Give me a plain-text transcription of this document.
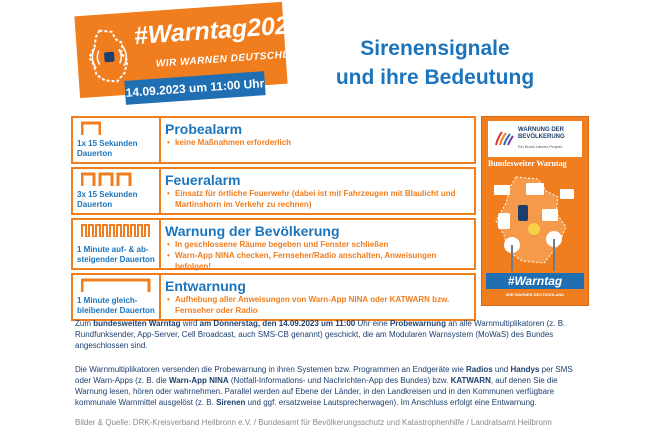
#Warntag2023
WIR WARNEN DEUTSCHLAND
14.09.2023 um 11:00 Uhr
Sirenensignale
und ihre Bedeutung
1x 15 Sekunden Dauerton
Probealarm
• keine Maßnahmen erforderlich
3x 15 Sekunden Dauerton
Feueralarm
• Einsatz für örtliche Feuerwehr (dabei ist mit Fahrzeugen mit Blaulicht und Martinshorn im Verkehr zu rechnen)
1 Minute auf- & ab-steigender Dauerton
Warnung der Bevölkerung
• In geschlossene Räume begeben und Fenster schließen
• Warn-App NINA checken, Fernseher/Radio anschalten, Anweisungen befolgen!
1 Minute gleich-bleibender Dauerton
Entwarnung
• Aufhebung aller Anweisungen von Warn-App NINA oder KATWARN bzw. Fernseher oder Radio
WARNUNG DER
BEVÖLKERUNG
Ein Bund-Länder-Projekt
Bundesweiter Warntag
#Warntag
WIR WARNEN DEUTSCHLAND
Zum bundesweiten Warntag wird am Donnerstag, den 14.09.2023 um 11:00 Uhr eine Probewarnung an alle Warnmultiplikatoren (z. B. Rundfunksender, App-Server, Cell Broadcast, auch SMS-CB genannt) geschickt, die am Modularen Warnsystem (MoWaS) des Bundes angeschlossen sind.
Die Warnmultiplikatoren versenden die Probewarnung in ihren Systemen bzw. Programmen an Endgeräte wie Radios und Handys per SMS oder Warn-Apps (z. B. die Warn-App NINA (Notfall-Informations- und Nachrichten-App des Bundes) bzw. KATWARN, auf denen Sie die Warnung lesen, hören oder wahrnehmen. Parallel werden auf Ebene der Länder, in den Landkreisen und in den Kommunen verfügbare kommunale Warnmittel ausgelöst (z. B. Sirenen und ggf. ersatzweise Lautsprecherwagen). Im Anschluss erfolgt eine Entwarnung.
Bilder & Quelle: DRK-Kreisverband Heilbronn e.V. / Bundesamt für Bevölkerungsschutz und Katastrophenhilfe / Landratsamt Heilbronn
